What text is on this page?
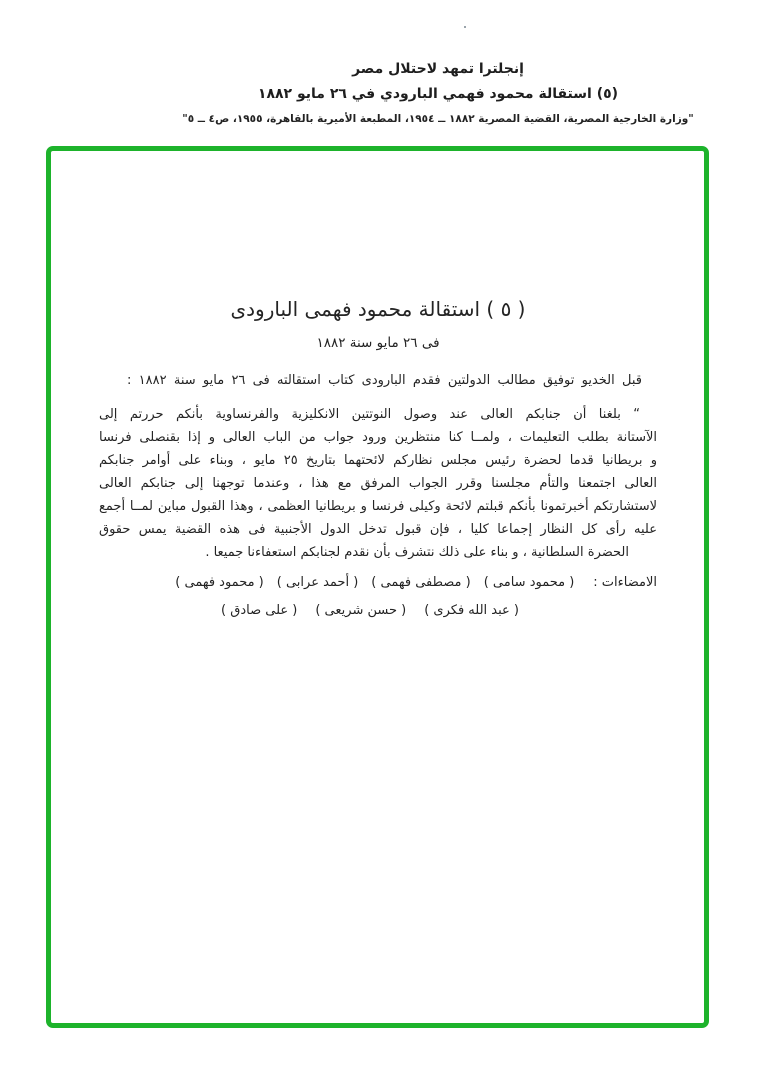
إنجلترا تمهد لاحتلال مصر
(٥) استقالة محمود فهمي البارودي في ٢٦ مايو ١٨٨٢
"وزارة الخارجية المصرية، القضية المصرية ١٨٨٢ ــ ١٩٥٤، المطبعة الأميرية بالقاهرة، ١٩٥٥، ص٤ ــ ٥"
( ٥ ) استقالة محمود فهمى البارودى
فى ٢٦ مايو سنة ١٨٨٢
قبل الخديو توفيق مطالب الدولتين فقدم البارودى كتاب استقالته فى ٢٦ مايو سنة ١٨٨٢ :
“ بلغنا أن جنابكم العالى عند وصول النوتتين الانكليزية والفرنساوية بأنكم حررتم إلى
الآستانة بطلب التعليمات ، ولمــا كنا منتظرين ورود جواب من الباب العالى و إذا بقنصلى فرنسا
و بريطانيا قدما لحضرة رئيس مجلس نظاركم لائحتهما بتاريخ ٢٥ مايو ، وبناء على أوامر جنابكم
العالى اجتمعنا والتأم مجلسنا وقرر الجواب المرفق مع هذا ، وعندما توجهنا إلى جنابكم العالى
لاستشارتكم أخبرتمونا بأنكم قبلتم لائحة وكيلى فرنسا و بريطانيا العظمى ، وهذا القبول مباين لمــا أجمع
عليه رأى كل النظار إجماعا كليا ، فإن قبول تدخل الدول الأجنبية فى هذه القضية يمس حقوق
الحضرة السلطانية ، و بناء على ذلك نتشرف بأن نقدم لجنابكم استعفاءنا جميعا .
الامضاءات :
( محمود سامى )
( مصطفى فهمى )
( أحمد عرابى )
( محمود فهمى )
( عبد الله فكرى )
( حسن شريعى )
( على صادق )
